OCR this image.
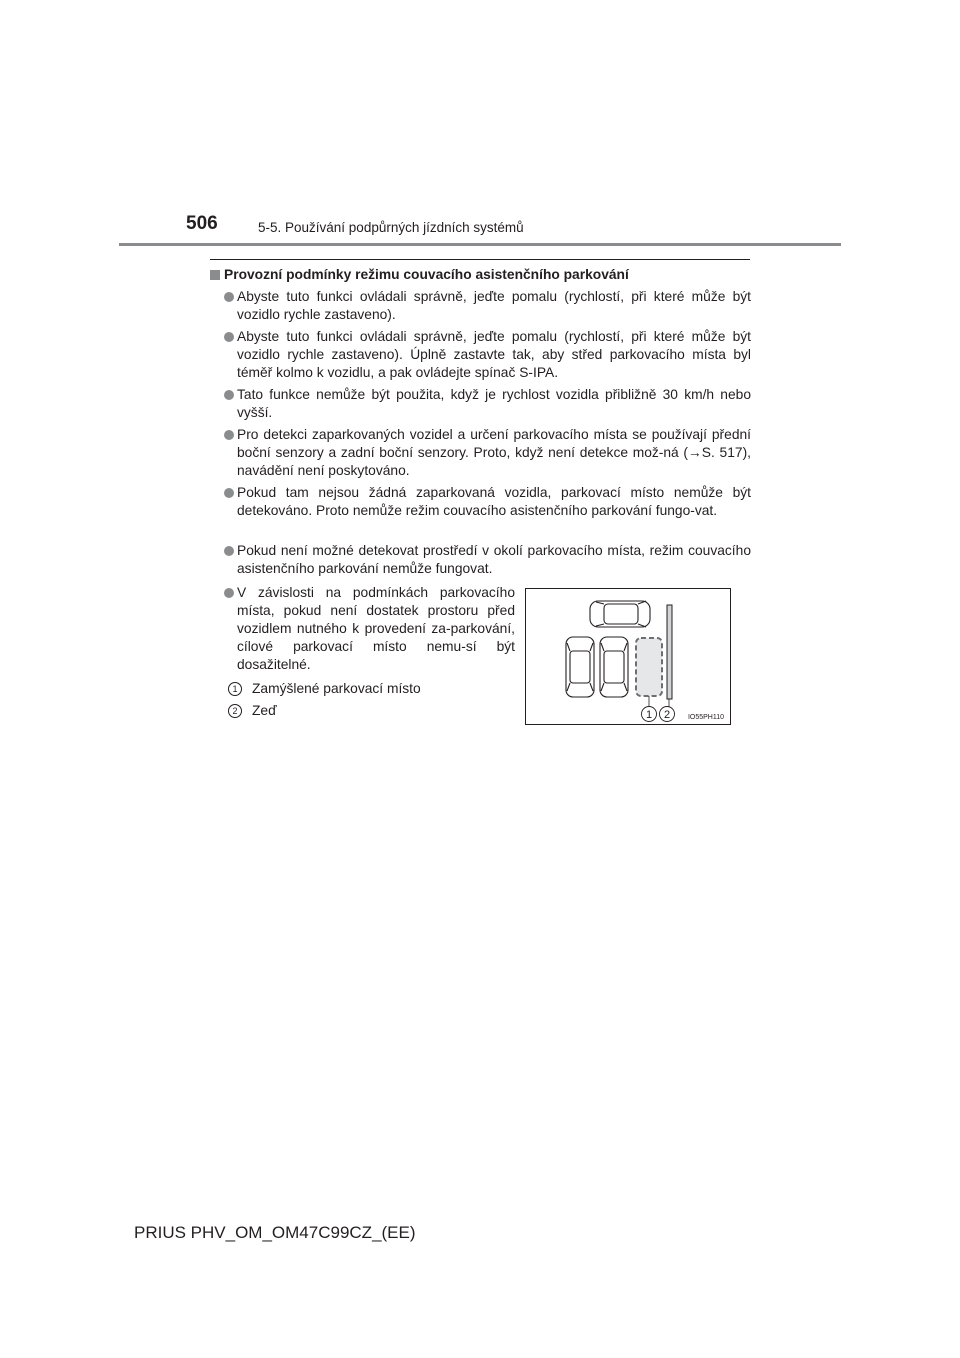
506	5-5. Používání podpůrných jízdních systémů
Provozní podmínky režimu couvacího asistenčního parkování
Abyste tuto funkci ovládali správně, jeďte pomalu (rychlostí, při které může být vozidlo rychle zastaveno).
Abyste tuto funkci ovládali správně, jeďte pomalu (rychlostí, při které může být vozidlo rychle zastaveno). Úplně zastavte tak, aby střed parkovacího místa byl téměř kolmo k vozidlu, a pak ovládejte spínač S-IPA.
Tato funkce nemůže být použita, když je rychlost vozidla přibližně 30 km/h nebo vyšší.
Pro detekci zaparkovaných vozidel a určení parkovacího místa se používají přední boční senzory a zadní boční senzory. Proto, když není detekce mož-ná (→S. 517), navádění není poskytováno.
Pokud tam nejsou žádná zaparkovaná vozidla, parkovací místo nemůže být detekováno. Proto nemůže režim couvacího asistenčního parkování fungo-vat.
Pokud není možné detekovat prostředí v okolí parkovacího místa, režim couvacího asistenčního parkování nemůže fungovat.
V závislosti na podmínkách parkovacího místa, pokud není dostatek prostoru před vozidlem nutného k provedení za-parkování, cílové parkovací místo nemu-sí být dosažitelné.
1 Zamýšlené parkovací místo
2 Zeď	1 2	IO55PH110
PRIUS PHV_OM_OM47C99CZ_(EE)
